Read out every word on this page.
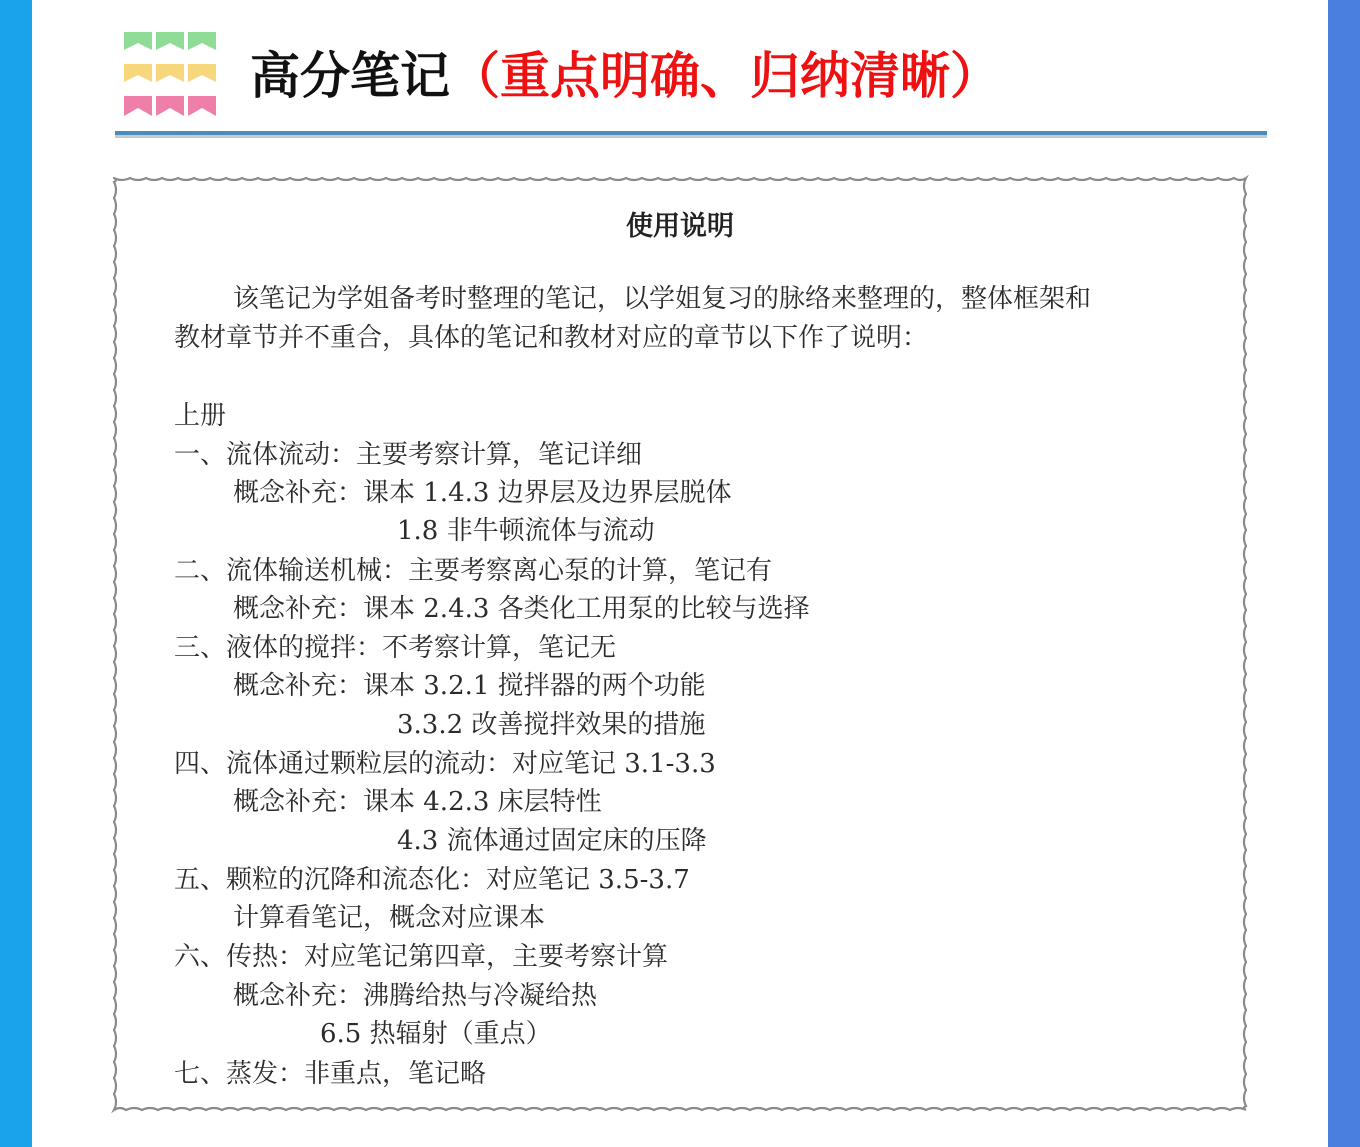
高分笔记（重点明确、归纳清晰）
使用说明
该笔记为学姐备考时整理的笔记，以学姐复习的脉络来整理的，整体框架和
教材章节并不重合，具体的笔记和教材对应的章节以下作了说明：
上册
一、流体流动：主要考察计算，笔记详细
概念补充：课本 1.4.3 边界层及边界层脱体
1.8 非牛顿流体与流动
二、流体输送机械：主要考察离心泵的计算，笔记有
概念补充：课本 2.4.3 各类化工用泵的比较与选择
三、液体的搅拌：不考察计算，笔记无
概念补充：课本 3.2.1 搅拌器的两个功能
3.3.2 改善搅拌效果的措施
四、流体通过颗粒层的流动：对应笔记 3.1-3.3
概念补充：课本 4.2.3 床层特性
4.3 流体通过固定床的压降
五、颗粒的沉降和流态化：对应笔记 3.5-3.7
计算看笔记，概念对应课本
六、传热：对应笔记第四章，主要考察计算
概念补充：沸腾给热与冷凝给热
6.5 热辐射（重点）
七、蒸发：非重点，笔记略
